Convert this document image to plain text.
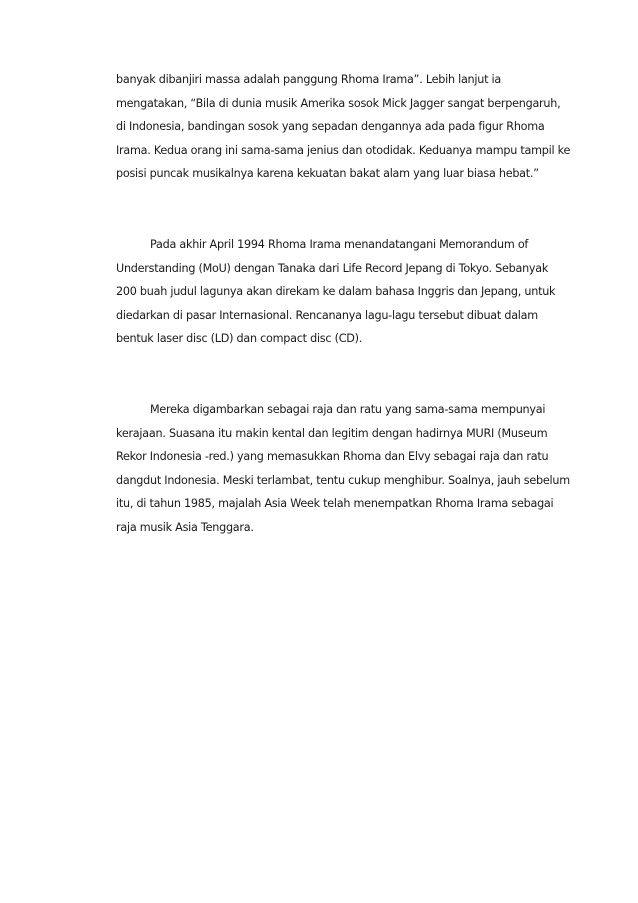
banyak dibanjiri massa adalah panggung Rhoma Irama”. Lebih lanjut ia mengatakan, “Bila di dunia musik Amerika sosok Mick Jagger sangat berpengaruh, di Indonesia, bandingan sosok yang sepadan dengannya ada pada figur Rhoma Irama. Kedua orang ini sama-sama jenius dan otodidak. Keduanya mampu tampil ke posisi puncak musikalnya karena kekuatan bakat alam yang luar biasa hebat.”

Pada akhir April 1994 Rhoma Irama menandatangani Memorandum of Understanding (MoU) dengan Tanaka dari Life Record Jepang di Tokyo. Sebanyak 200 buah judul lagunya akan direkam ke dalam bahasa Inggris dan Jepang, untuk diedarkan di pasar Internasional. Rencananya lagu-lagu tersebut dibuat dalam bentuk laser disc (LD) dan compact disc (CD).

Mereka digambarkan sebagai raja dan ratu yang sama-sama mempunyai kerajaan. Suasana itu makin kental dan legitim dengan hadirnya MURI (Museum Rekor Indonesia -red.) yang memasukkan Rhoma dan Elvy sebagai raja dan ratu dangdut Indonesia. Meski terlambat, tentu cukup menghibur. Soalnya, jauh sebelum itu, di tahun 1985, majalah Asia Week telah menempatkan Rhoma Irama sebagai raja musik Asia Tenggara.
